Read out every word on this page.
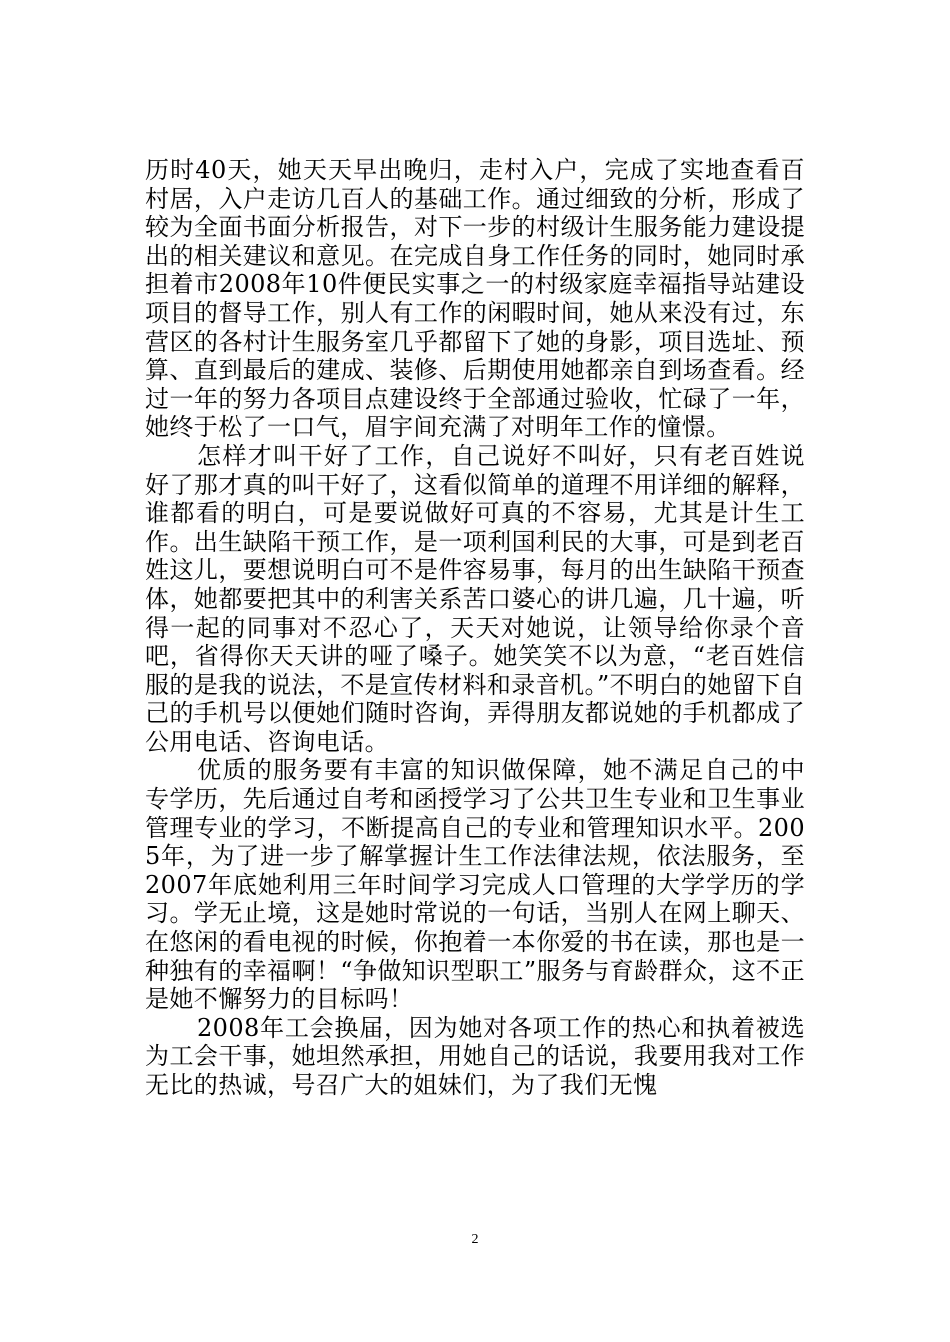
历时40天，她天天早出晚归，走村入户，完成了实地查看百村居，入户走访几百人的基础工作。通过细致的分析，形成了较为全面书面分析报告，对下一步的村级计生服务能力建设提出的相关建议和意见。在完成自身工作任务的同时，她同时承担着市2008年10件便民实事之一的村级家庭幸福指导站建设项目的督导工作，别人有工作的闲暇时间，她从来没有过，东营区的各村计生服务室几乎都留下了她的身影，项目选址、预算、直到最后的建成、装修、后期使用她都亲自到场查看。经过一年的努力各项目点建设终于全部通过验收，忙碌了一年，她终于松了一口气，眉宇间充满了对明年工作的憧憬。

怎样才叫干好了工作，自己说好不叫好，只有老百姓说好了那才真的叫干好了，这看似简单的道理不用详细的解释，谁都看的明白，可是要说做好可真的不容易，尤其是计生工作。出生缺陷干预工作，是一项利国利民的大事，可是到老百姓这儿，要想说明白可不是件容易事，每月的出生缺陷干预查体，她都要把其中的利害关系苦口婆心的讲几遍，几十遍，听得一起的同事对不忍心了，天天对她说，让领导给你录个音吧，省得你天天讲的哑了嗓子。她笑笑不以为意，“老百姓信服的是我的说法，不是宣传材料和录音机。”不明白的她留下自己的手机号以便她们随时咨询，弄得朋友都说她的手机都成了公用电话、咨询电话。

优质的服务要有丰富的知识做保障，她不满足自己的中专学历，先后通过自考和函授学习了公共卫生专业和卫生事业管理专业的学习，不断提高自己的专业和管理知识水平。2005年，为了进一步了解掌握计生工作法律法规，依法服务，至2007年底她利用三年时间学习完成人口管理的大学学历的学习。学无止境，这是她时常说的一句话，当别人在网上聊天、在悠闲的看电视的时候，你抱着一本你爱的书在读，那也是一种独有的幸福啊！“争做知识型职工”服务与育龄群众，这不正是她不懈努力的目标吗！

2008年工会换届，因为她对各项工作的热心和执着被选为工会干事，她坦然承担，用她自己的话说，我要用我对工作无比的热诚，号召广大的姐妹们，为了我们无愧

2
